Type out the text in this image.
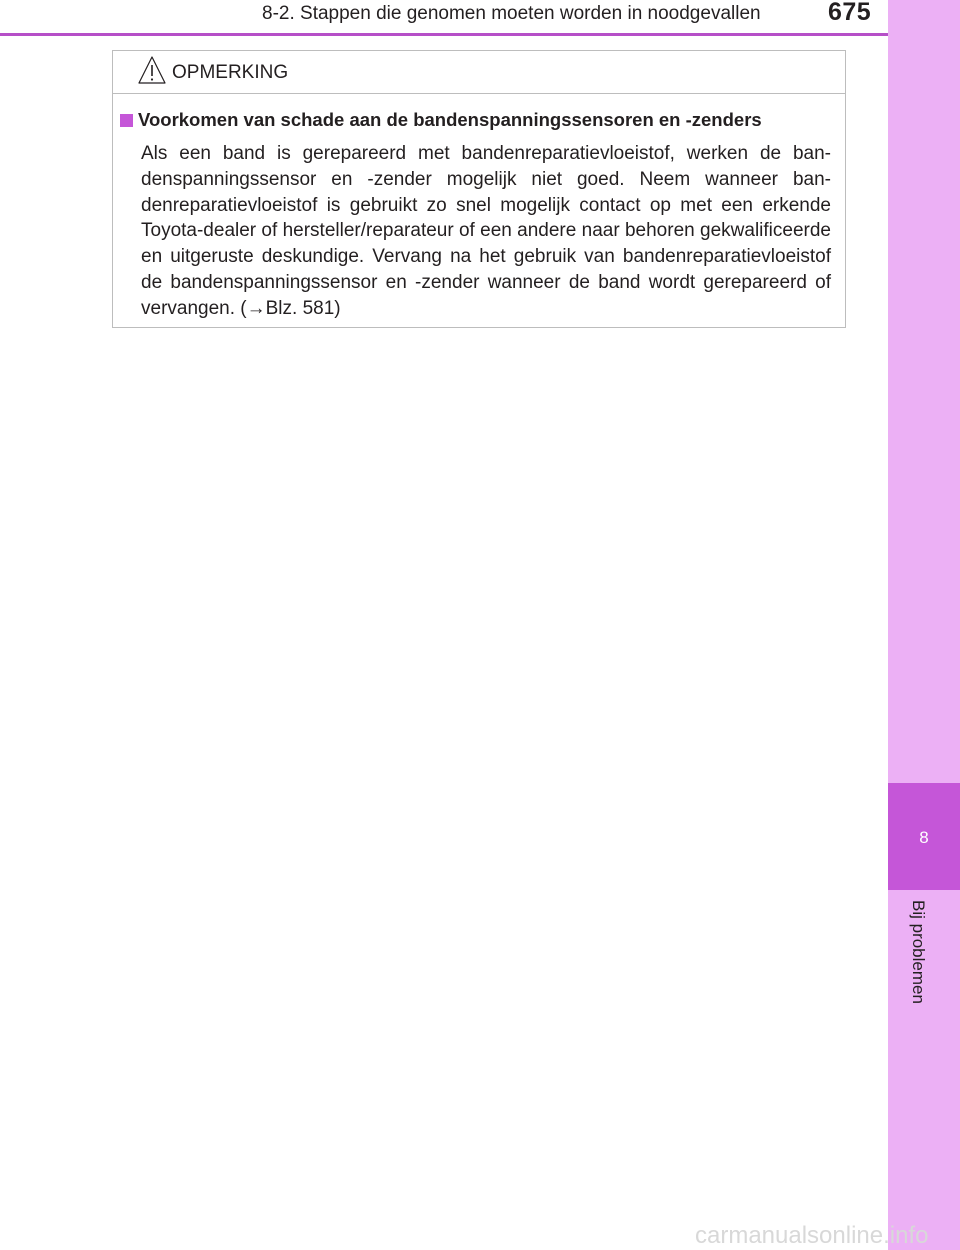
8-2. Stappen die genomen moeten worden in noodgevallen	675
8
Bij problemen
OPMERKING
Voorkomen van schade aan de bandenspanningssensoren en -zenders

Als een band is gerepareerd met bandenreparatievloeistof, werken de bandenspanningssensor en -zender mogelijk niet goed. Neem wanneer bandenreparatievloeistof is gebruikt zo snel mogelijk contact op met een erkende Toyota-dealer of hersteller/reparateur of een andere naar behoren gekwalificeerde en uitgeruste deskundige. Vervang na het gebruik van bandenreparatievloeistof de bandenspanningssensor en -zender wanneer de band wordt gerepareerd of vervangen. (→Blz. 581)

carmanualsonline.info
